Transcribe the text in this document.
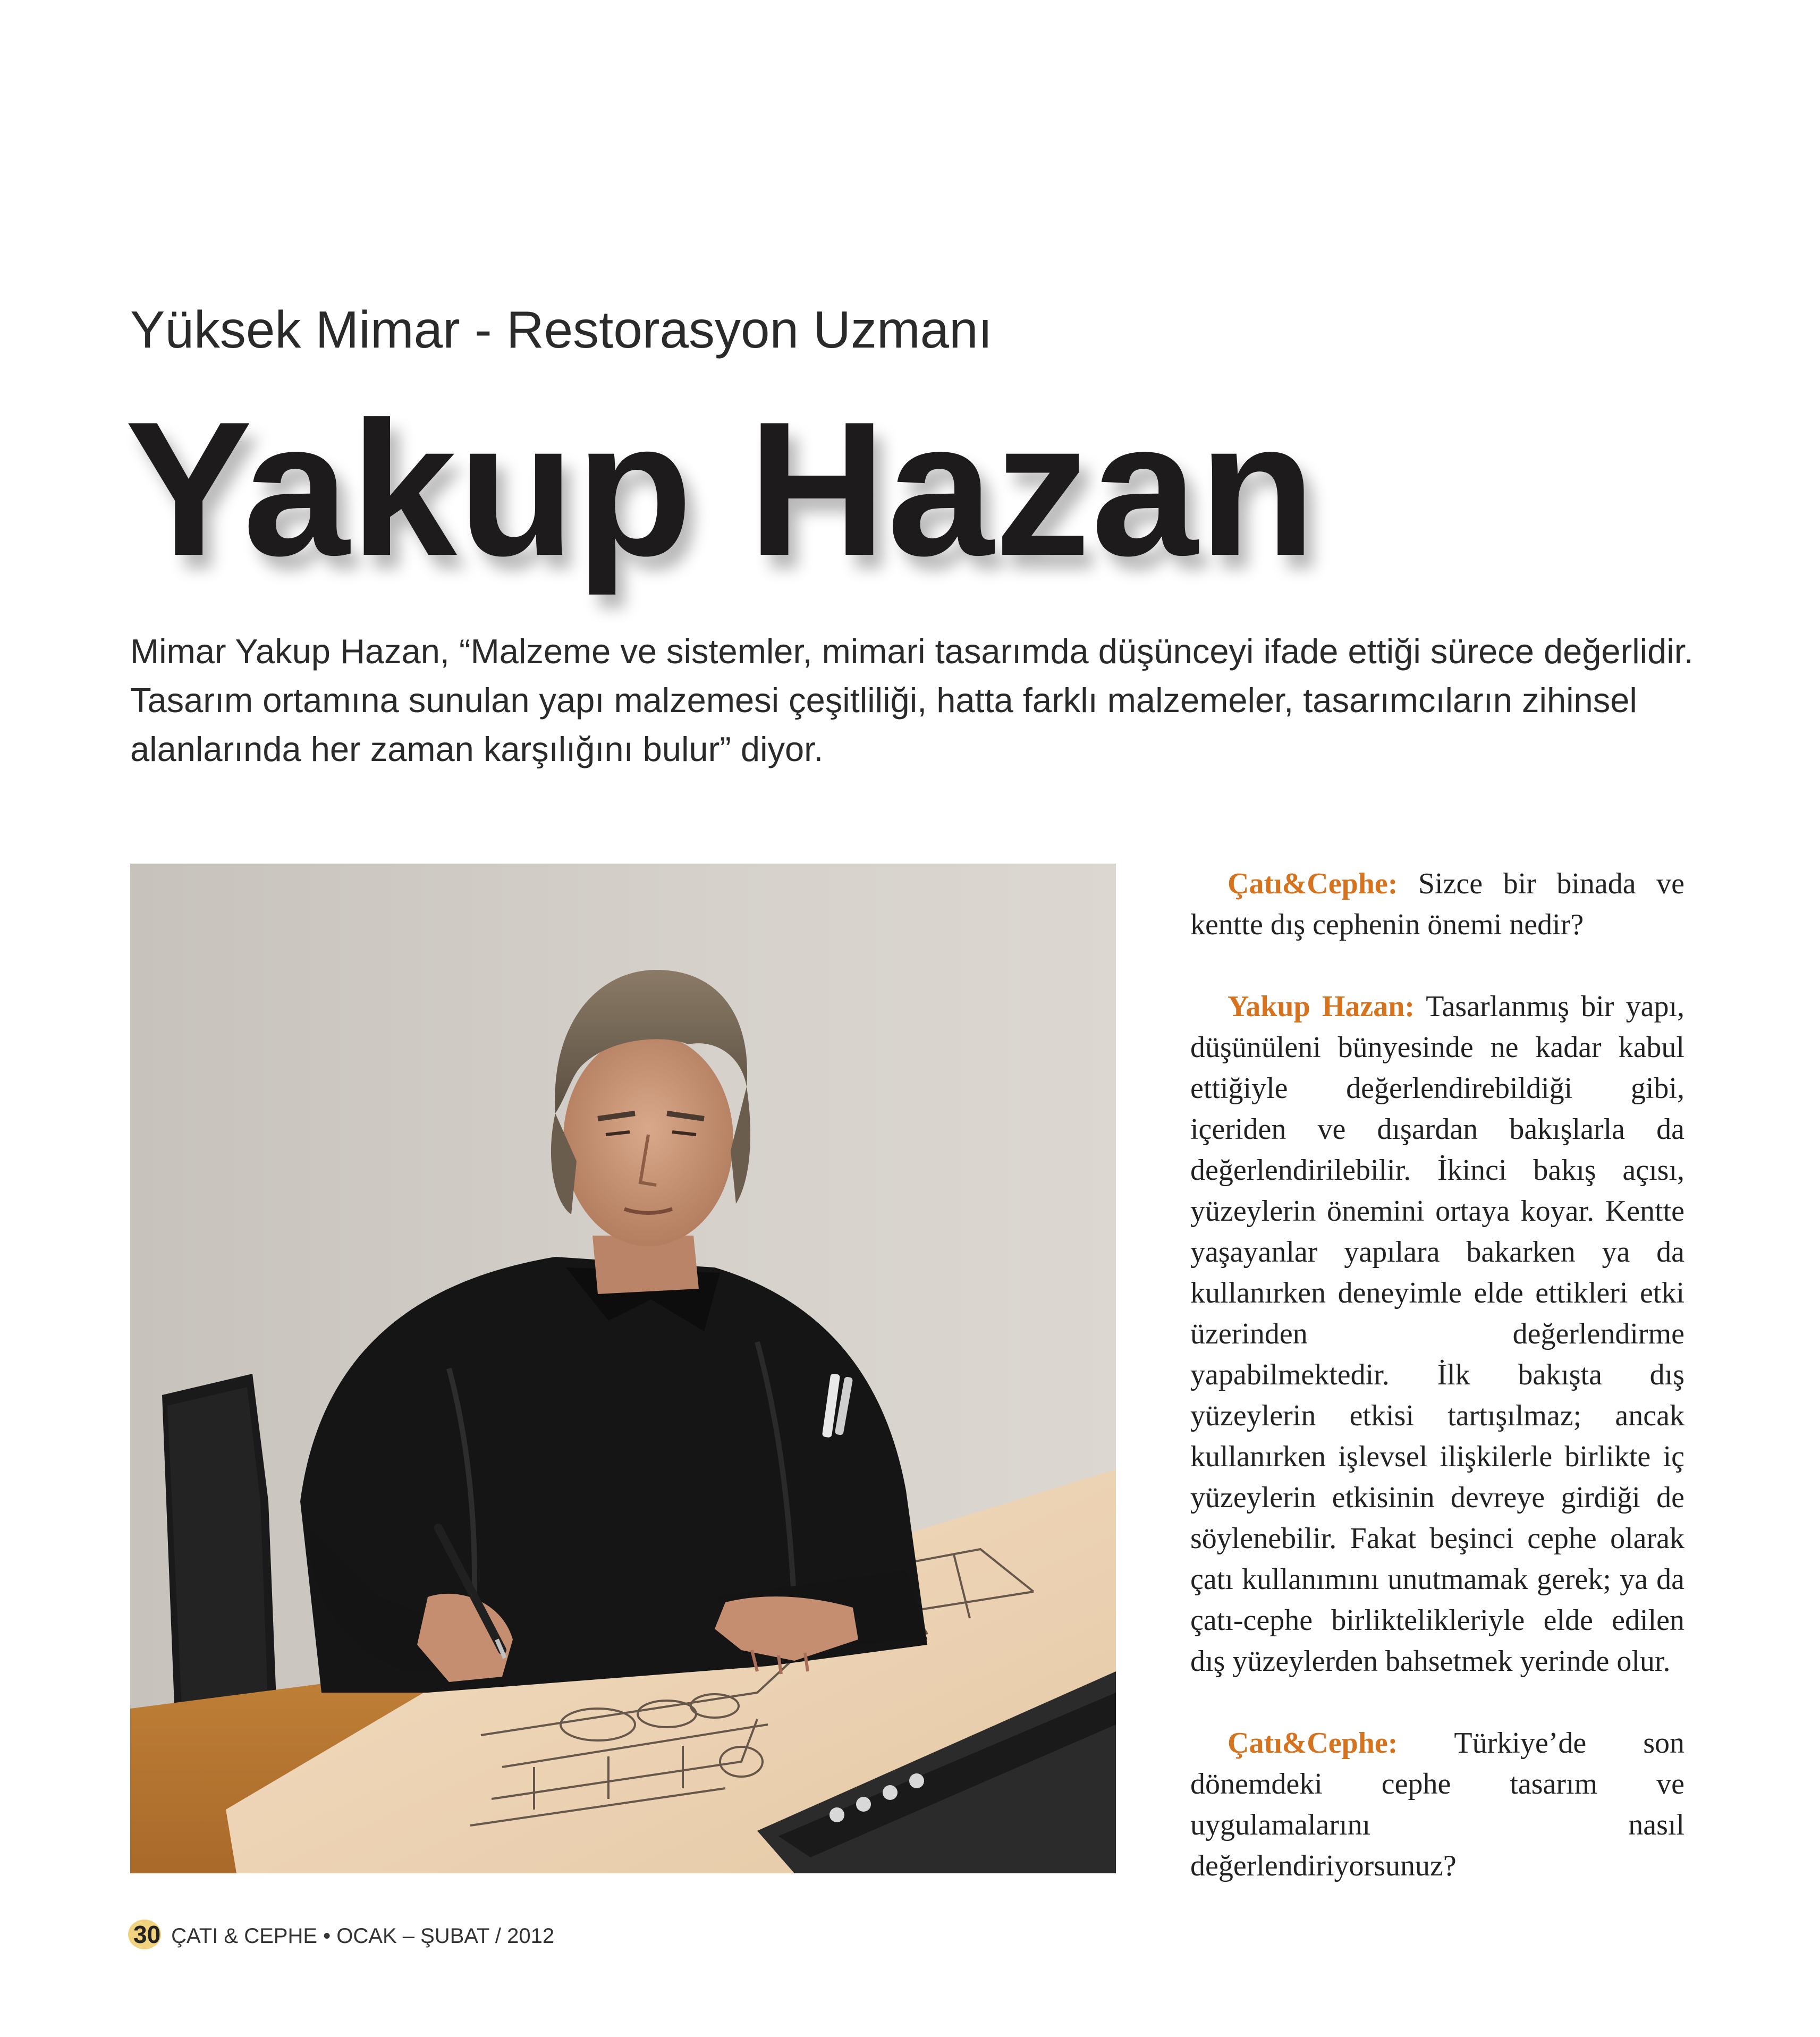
Yüksek Mimar - Restorasyon Uzmanı
Yakup Hazan

Mimar Yakup Hazan, “Malzeme ve sistemler, mimari tasarımda düşünceyi ifade ettiği sürece değerlidir. Tasarım ortamına sunulan yapı malzemesi çeşitliliği, hatta farklı malzemeler, tasarımcıların zihinsel alanlarında her zaman karşılığını bulur” diyor.

Çatı&Cephe: Sizce bir binada ve kentte dış cephenin önemi nedir?

Yakup Hazan: Tasarlanmış bir yapı, düşünüleni bünyesinde ne kadar kabul ettiğiyle değerlendirebildiği gibi, içeriden ve dışardan bakışlarla da değerlendirilebilir. İkinci bakış açısı, yüzeylerin önemini ortaya koyar. Kentte yaşayanlar yapılara bakarken ya da kullanırken deneyimle elde ettikleri etki üzerinden değerlendirme yapabilmektedir. İlk bakışta dış yüzeylerin etkisi tartışılmaz; ancak kullanırken işlevsel ilişkilerle birlikte iç yüzeylerin etkisinin devreye girdiği de söylenebilir. Fakat beşinci cephe olarak çatı kullanımını unutmamak gerek; ya da çatı-cephe birliktelikleriyle elde edilen dış yüzeylerden bahsetmek yerinde olur.

Çatı&Cephe: Türkiye’de son dönemdeki cephe tasarım ve uygulamalarını nasıl değerlendiriyorsunuz?

30 ÇATI & CEPHE • OCAK – ŞUBAT / 2012
